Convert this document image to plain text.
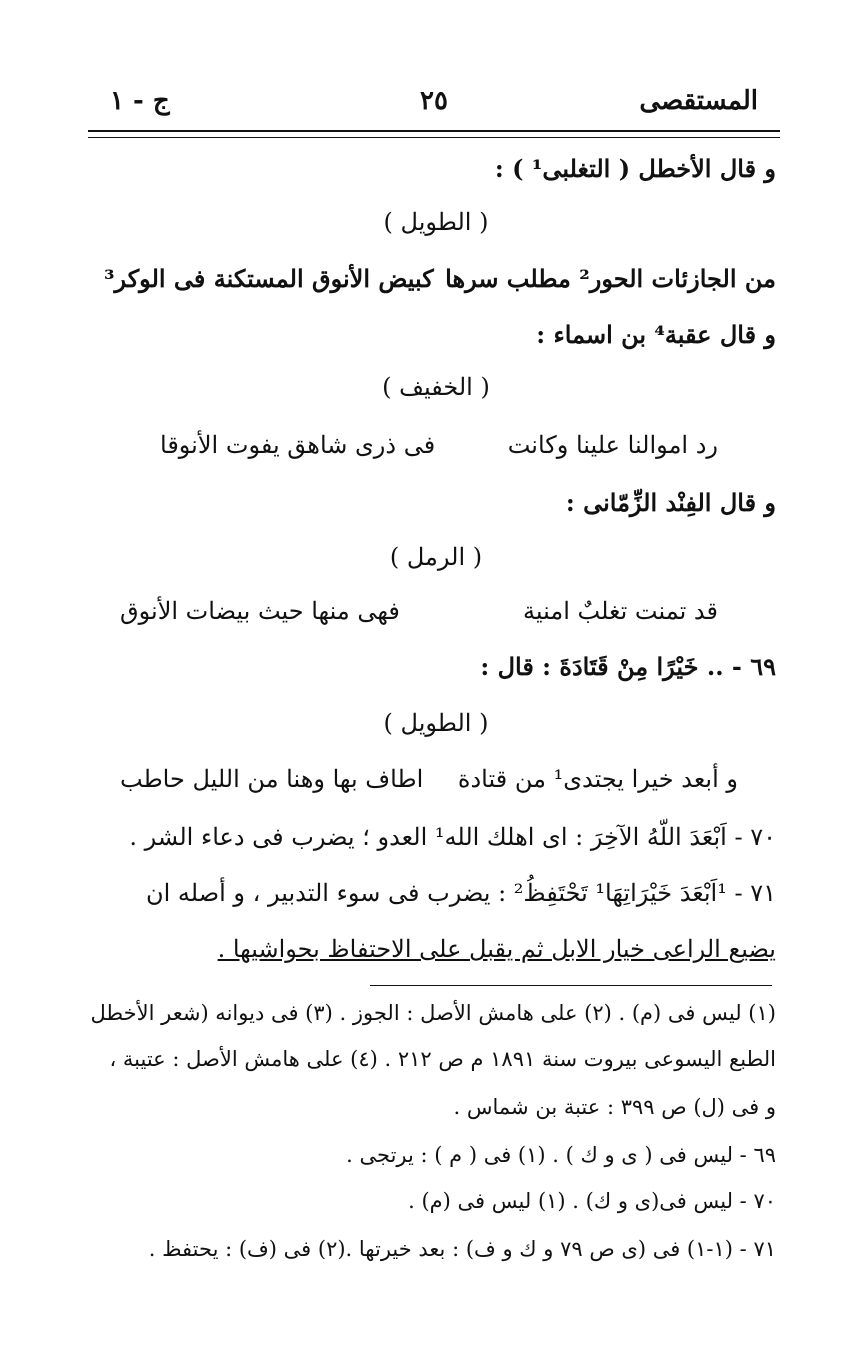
المستقصى
٢٥
ج - ١
و قال الأخطل ( التغلبى¹ ) :
( الطويل )
من الجازئات الحور² مطلب سرها
كبيض الأنوق المستكنة فى الوكر³
و قال عقبة⁴ بن اسماء :
( الخفيف )
رد اموالنا علينا وكانت
فى ذرى شاهق يفوت الأنوقا
و قال الفِنْد الزِّمّانى :
( الرمل )
قد تمنت تغلبٌ امنية
فهى منها حيث بيضات الأنوق
٦٩ - .. خَيْرًا مِنْ قَتَادَةَ : قال :
( الطويل )
و أبعد خيرا يجتدى¹ من قتادة
اطاف بها وهنا من الليل حاطب
٧٠ - اَبْعَدَ اللّهُ الآخِرَ : اى اهلك الله¹ العدو ؛ يضرب فى دعاء الشر .
٧١ - ¹اَبْعَدَ خَيْرَاتِهَا¹ تَحْتَفِظُ² : يضرب فى سوء التدبير ، و أصله ان
يضيع الراعى خيار الابل ثم يقبل على الاحتفاظ بحواشيها .
(١) ليس فى (م) . (٢) على هامش الأصل : الجوز . (٣) فى ديوانه (شعر الأخطل
الطبع اليسوعى بيروت سنة ١٨٩١ م ص ٢١٢ . (٤) على هامش الأصل : عتيبة ،
و فى (ل) ص ٣٩٩ : عتبة بن شماس .
٦٩ - ليس فى ( ى و ك ) . (١) فى ( م ) : يرتجى .
٧٠ - ليس فى(ى و ك) . (١) ليس فى (م) .
٧١ - (١-١) فى (ى ص ٧٩ و ك و ف) : بعد خيرتها .(٢) فى (ف) : يحتفظ .
